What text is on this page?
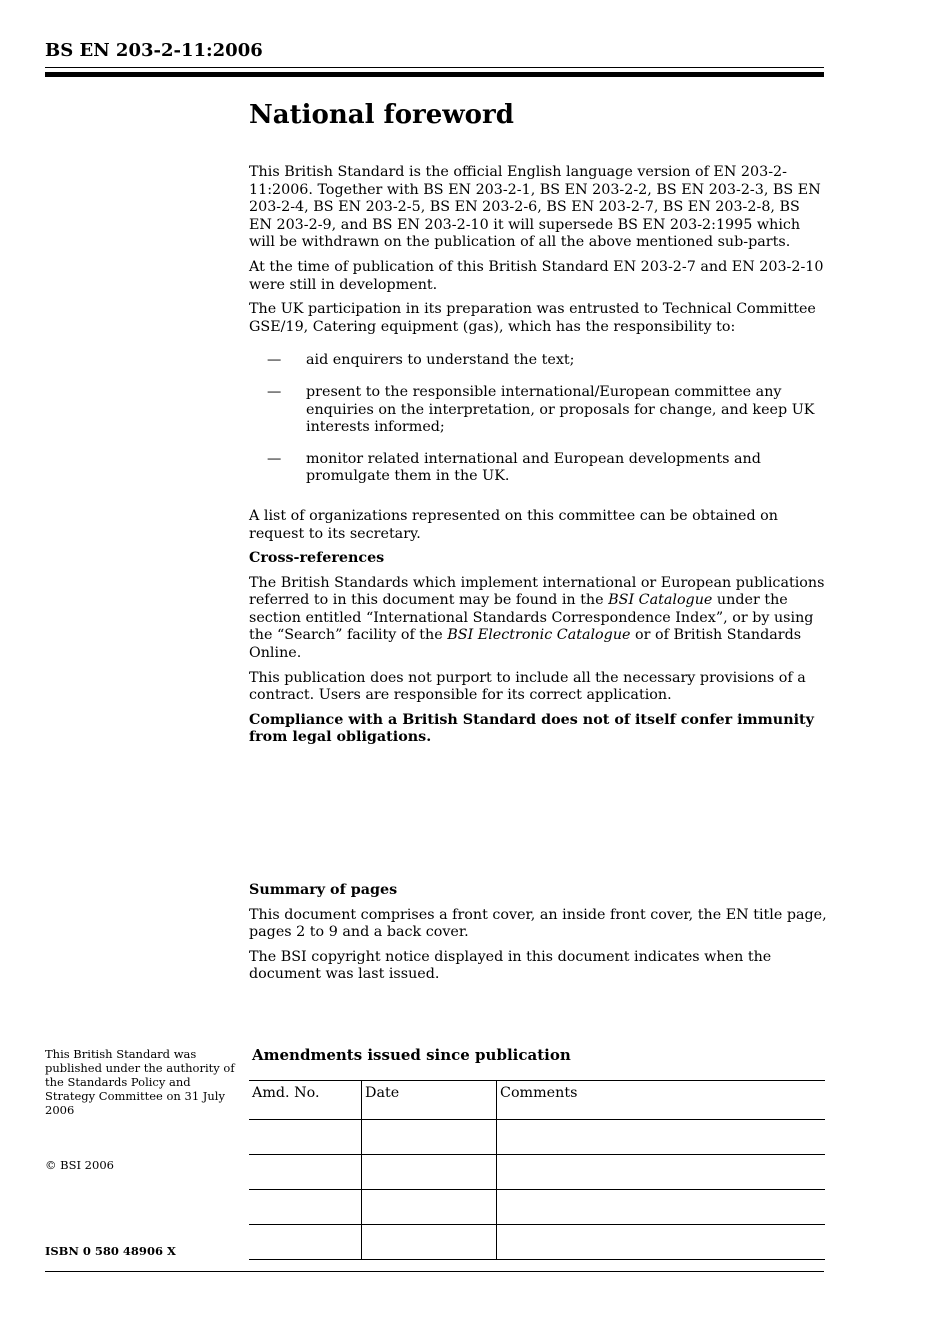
BS EN 203-2-11:2006
National foreword

This British Standard is the official English language version of EN 203-2-11:2006. Together with BS EN 203-2-1, BS EN 203-2-2, BS EN 203-2-3, BS EN 203-2-4, BS EN 203-2-5, BS EN 203-2-6, BS EN 203-2-7, BS EN 203-2-8, BS EN 203-2-9, and BS EN 203-2-10 it will supersede BS EN 203-2:1995 which will be withdrawn on the publication of all the above mentioned sub-parts.

At the time of publication of this British Standard EN 203-2-7 and EN 203-2-10 were still in development.

The UK participation in its preparation was entrusted to Technical Committee GSE/19, Catering equipment (gas), which has the responsibility to:

— aid enquirers to understand the text;
— present to the responsible international/European committee any enquiries on the interpretation, or proposals for change, and keep UK interests informed;
— monitor related international and European developments and promulgate them in the UK.

A list of organizations represented on this committee can be obtained on request to its secretary.

Cross-references

The British Standards which implement international or European publications referred to in this document may be found in the BSI Catalogue under the section entitled “International Standards Correspondence Index”, or by using the “Search” facility of the BSI Electronic Catalogue or of British Standards Online.

This publication does not purport to include all the necessary provisions of a contract. Users are responsible for its correct application.

Compliance with a British Standard does not of itself confer immunity from legal obligations.

Summary of pages

This document comprises a front cover, an inside front cover, the EN title page, pages 2 to 9 and a back cover.

The BSI copyright notice displayed in this document indicates when the document was last issued.

This British Standard was published under the authority of the Standards Policy and Strategy Committee on 31 July 2006
© BSI 2006
ISBN 0 580 48906 X
Amendments issued since publication
Amd. No.	Date	Comments
